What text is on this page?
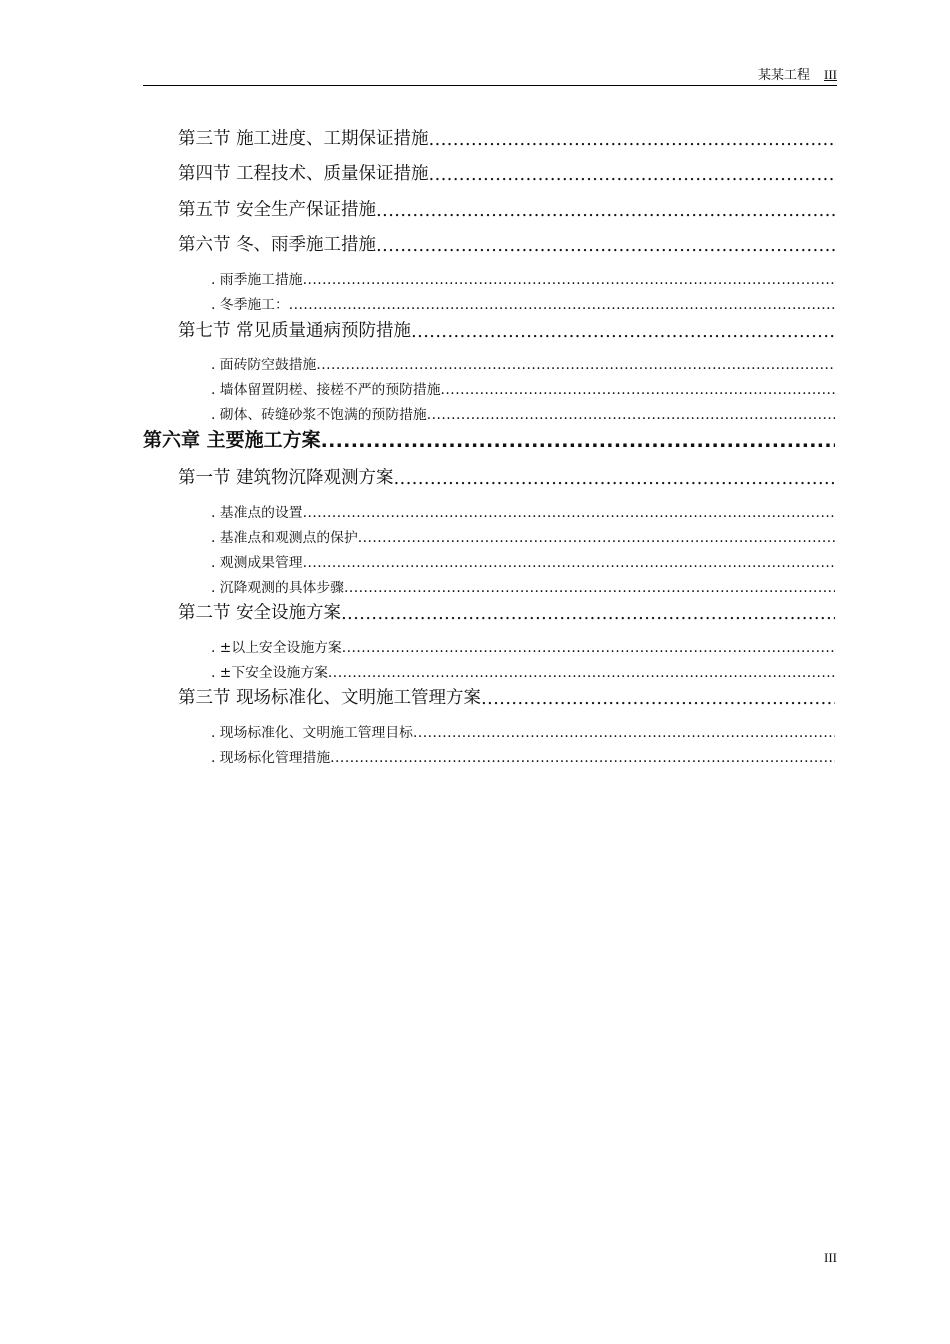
某某工程 III
第三节 施工进度、工期保证措施
.....
第四节 工程技术、质量保证措施
.....
第五节 安全生产保证措施
.....
第六节 冬、雨季施工措施
.....
. 雨季施工措施
.....
. 冬季施工：
.....
第七节 常见质量通病预防措施
.....
. 面砖防空鼓措施
.....
. 墙体留置阴槎、接槎不严的预防措施
.....
. 砌体、砖缝砂浆不饱满的预防措施
.....
第六章 主要施工方案
.....
第一节 建筑物沉降观测方案
.....
. 基准点的设置
.....
. 基准点和观测点的保护
.....
. 观测成果管理
.....
. 沉降观测的具体步骤
.....
第二节 安全设施方案
.....
. ±以上安全设施方案
.....
. ±下安全设施方案
.....
第三节 现场标准化、文明施工管理方案
.....
. 现场标准化、文明施工管理目标
.....
. 现场标化管理措施
.....
III
